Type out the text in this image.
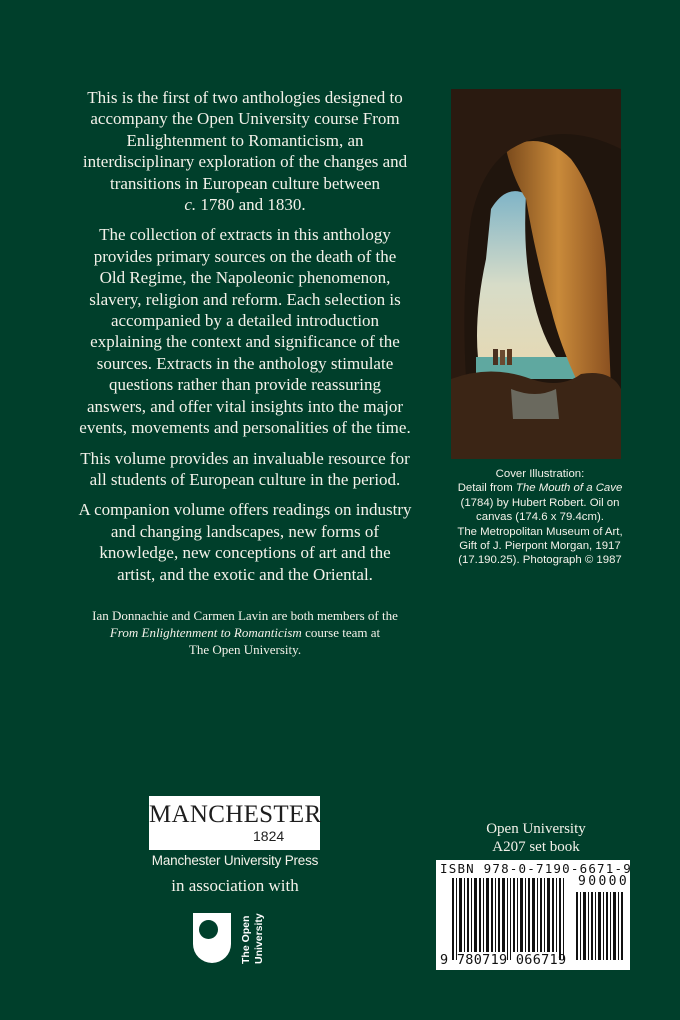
This is the first of two anthologies designed to
accompany the Open University course From
Enlightenment to Romanticism, an
interdisciplinary exploration of the changes and
transitions in European culture between
c. 1780 and 1830.

The collection of extracts in this anthology
provides primary sources on the death of the
Old Regime, the Napoleonic phenomenon,
slavery, religion and reform. Each selection is
accompanied by a detailed introduction
explaining the context and significance of the
sources. Extracts in the anthology stimulate
questions rather than provide reassuring
answers, and offer vital insights into the major
events, movements and personalities of the time.

This volume provides an invaluable resource for
all students of European culture in the period.

A companion volume offers readings on industry
and changing landscapes, new forms of
knowledge, new conceptions of art and the
artist, and the exotic and the Oriental.

Ian Donnachie and Carmen Lavin are both members of the
From Enlightenment to Romanticism course team at
The Open University.

Cover Illustration:
Detail from The Mouth of a Cave
(1784) by Hubert Robert. Oil on
canvas (174.6 x 79.4cm).
The Metropolitan Museum of Art,
Gift of J. Pierpont Morgan, 1917
(17.190.25). Photograph © 1987
MANCHESTER
1824
Manchester University Press
in association with
The Open University
Open University
A207 set book
ISBN 978-0-7190-6671-9
90000
9 780719 066719
